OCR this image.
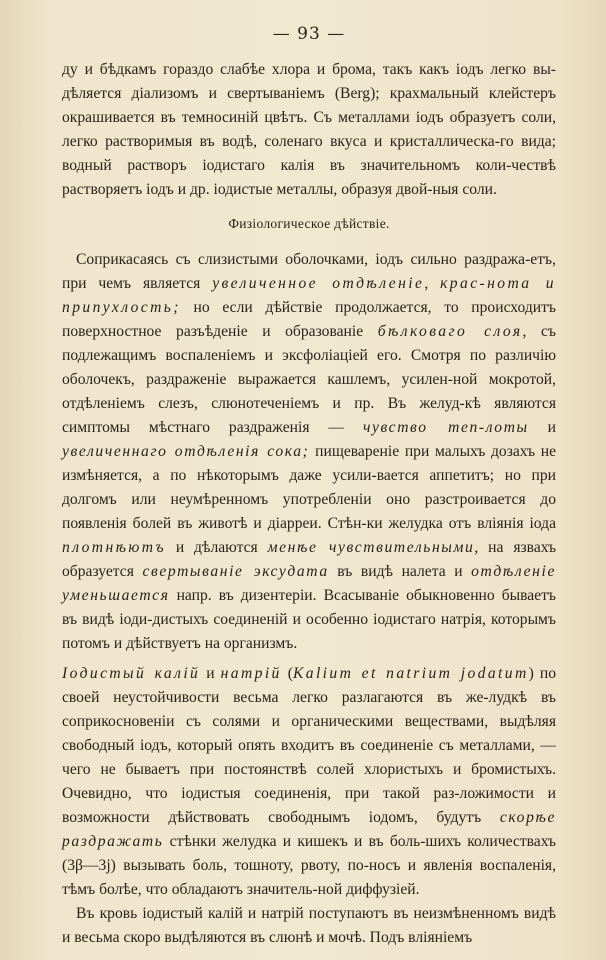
— 93 —

ду и бѣдкамъ гораздо слабѣе хлора и брома, такъ какъ іодъ легко вы-дѣляется діализомъ и свертываніемъ (Berg); крахмальный клейстеръ окрашивается въ темносиній цвѣтъ. Съ металлами іодъ образуетъ соли, легко растворимыя въ водѣ, соленаго вкуса и кристаллическа-го вида; водный растворъ іодистаго калія въ значительномъ коли-чествѣ растворяетъ іодъ и др. іодистые металлы, образуя двой-ныя соли.

Физіологическое дѣйствіе.

Соприкасаясь съ слизистыми оболочками, іодъ сильно раздража-етъ, при чемъ является увеличенное отдѣленіе, крас-нота и припухлость; но если дѣйствіе продолжается, то происходитъ поверхностное разъѣденіе и образованіе бѣлковаго слоя, съ подлежащимъ воспаленіемъ и эксфоліаціей его. Смотря по различію оболочекъ, раздраженіе выражается кашлемъ, усилен-ной мокротой, отдѣленіемъ слезъ, слюнотеченіемъ и пр. Въ желуд-кѣ являются симптомы мѣстнаго раздраженія — чувство теп-лоты и увеличеннаго отдѣленія сока; пищевареніе при малыхъ дозахъ не измѣняется, а по нѣкоторымъ даже усили-вается аппетитъ; но при долгомъ или неумѣренномъ употребленіи оно разстроивается до появленія болей въ животѣ и діарреи. Стѣн-ки желудка отъ вліянія іода плотнѣютъ и дѣлаются менѣе чувствительными, на язвахъ образуется свертываніе эксудата въ видѣ налета и отдѣленіе уменьшается напр. въ дизентеріи. Всасываніе обыкновенно бываетъ въ видѣ іоди-дистыхъ соединеній и особенно іодистаго натрія, которымъ потомъ и дѣйствуетъ на организмъ.

Іодистый калій и натрій (Kalium et natrium jodatum) по своей неустойчивости весьма легко разлагаются въ же-лудкѣ въ соприкосновеніи съ солями и органическими веществами, выдѣляя свободный іодъ, который опять входитъ въ соединеніе съ металлами, — чего не бываетъ при постоянствѣ солей хлористыхъ и бромистыхъ. Очевидно, что іодистыя соединенія, при такой раз-ложимости и возможности дѣйствовать свободнымъ іодомъ, будутъ скорѣе раздражать стѣнки желудка и кишекъ и въ боль-шихъ количествахъ (3β—3j) вызывать боль, тошноту, рвоту, по-носъ и явленія воспаленія, тѣмъ болѣе, что обладаютъ значитель-ной диффузіей.

Въ кровь іодистый калій и натрій поступаютъ въ неизмѣненномъ видѣ и весьма скоро выдѣляются въ слюнѣ и мочѣ. Подъ вліяніемъ
